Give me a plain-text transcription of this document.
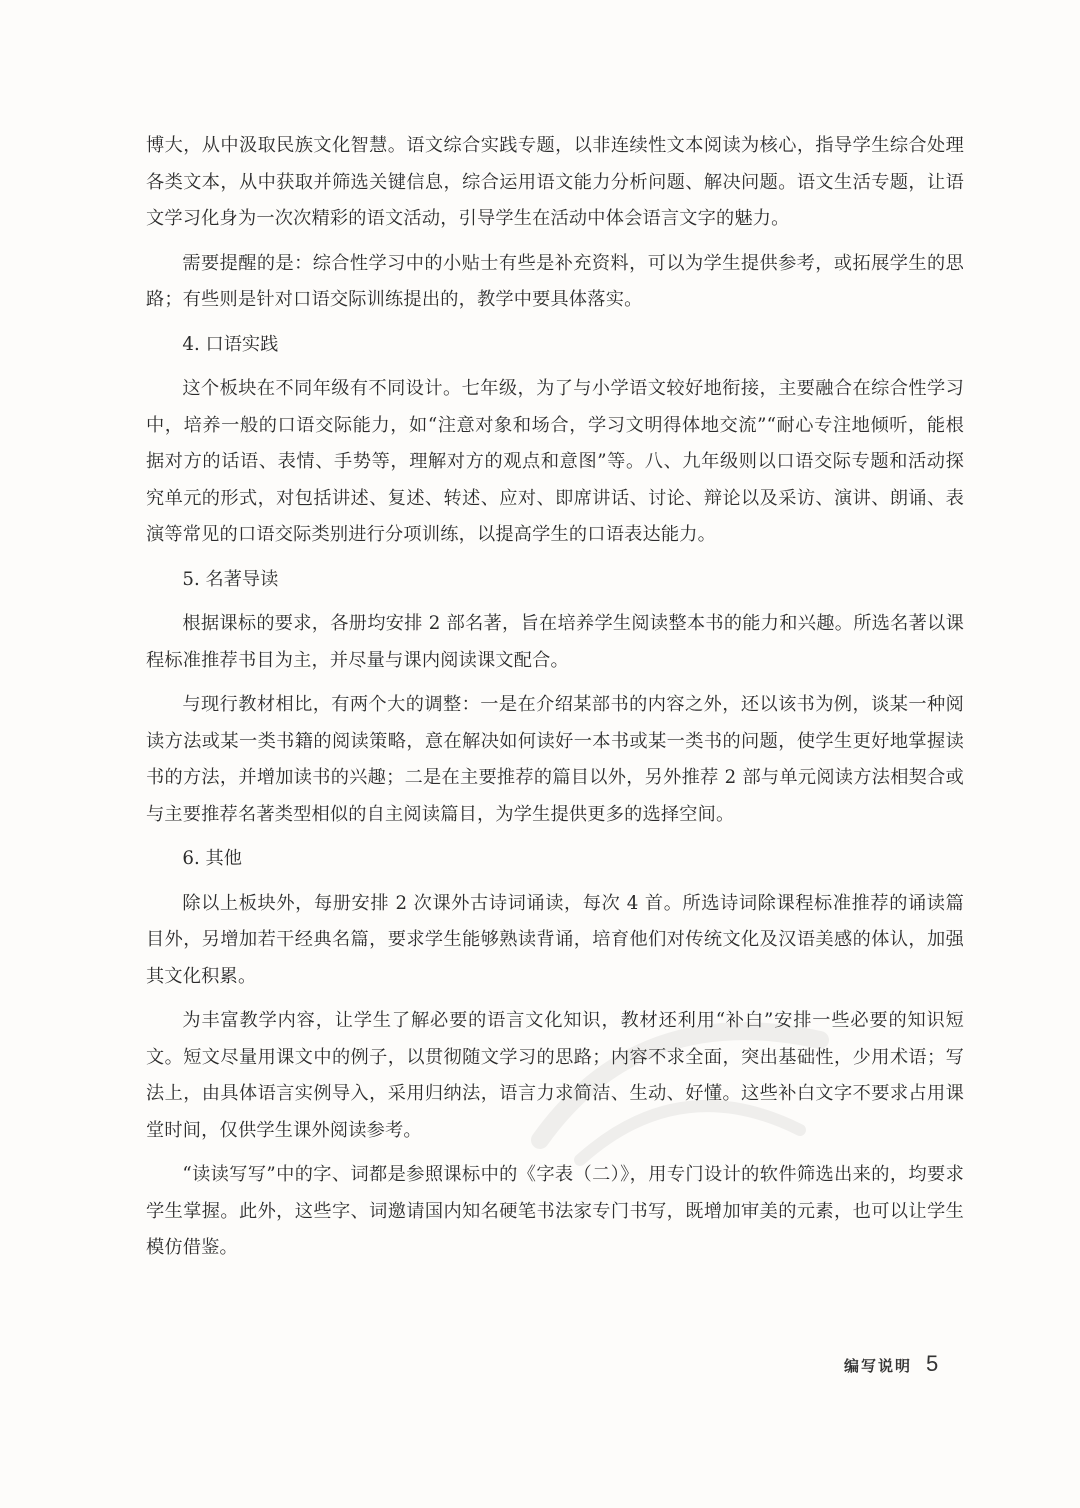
博大，从中汲取民族文化智慧。语文综合实践专题，以非连续性文本阅读为核心，指导学生综合处理各类文本，从中获取并筛选关键信息，综合运用语文能力分析问题、解决问题。语文生活专题，让语文学习化身为一次次精彩的语文活动，引导学生在活动中体会语言文字的魅力。

需要提醒的是：综合性学习中的小贴士有些是补充资料，可以为学生提供参考，或拓展学生的思路；有些则是针对口语交际训练提出的，教学中要具体落实。

4. 口语实践

这个板块在不同年级有不同设计。七年级，为了与小学语文较好地衔接，主要融合在综合性学习中，培养一般的口语交际能力，如“注意对象和场合，学习文明得体地交流”“耐心专注地倾听，能根据对方的话语、表情、手势等，理解对方的观点和意图”等。八、九年级则以口语交际专题和活动探究单元的形式，对包括讲述、复述、转述、应对、即席讲话、讨论、辩论以及采访、演讲、朗诵、表演等常见的口语交际类别进行分项训练，以提高学生的口语表达能力。

5. 名著导读

根据课标的要求，各册均安排 2 部名著，旨在培养学生阅读整本书的能力和兴趣。所选名著以课程标准推荐书目为主，并尽量与课内阅读课文配合。

与现行教材相比，有两个大的调整：一是在介绍某部书的内容之外，还以该书为例，谈某一种阅读方法或某一类书籍的阅读策略，意在解决如何读好一本书或某一类书的问题，使学生更好地掌握读书的方法，并增加读书的兴趣；二是在主要推荐的篇目以外，另外推荐 2 部与单元阅读方法相契合或与主要推荐名著类型相似的自主阅读篇目，为学生提供更多的选择空间。

6. 其他

除以上板块外，每册安排 2 次课外古诗词诵读，每次 4 首。所选诗词除课程标准推荐的诵读篇目外，另增加若干经典名篇，要求学生能够熟读背诵，培育他们对传统文化及汉语美感的体认，加强其文化积累。

为丰富教学内容，让学生了解必要的语言文化知识，教材还利用“补白”安排一些必要的知识短文。短文尽量用课文中的例子，以贯彻随文学习的思路；内容不求全面，突出基础性，少用术语；写法上，由具体语言实例导入，采用归纳法，语言力求简洁、生动、好懂。这些补白文字不要求占用课堂时间，仅供学生课外阅读参考。

“读读写写”中的字、词都是参照课标中的《字表（二）》，用专门设计的软件筛选出来的，均要求学生掌握。此外，这些字、词邀请国内知名硬笔书法家专门书写，既增加审美的元素，也可以让学生模仿借鉴。

编写说明 5
